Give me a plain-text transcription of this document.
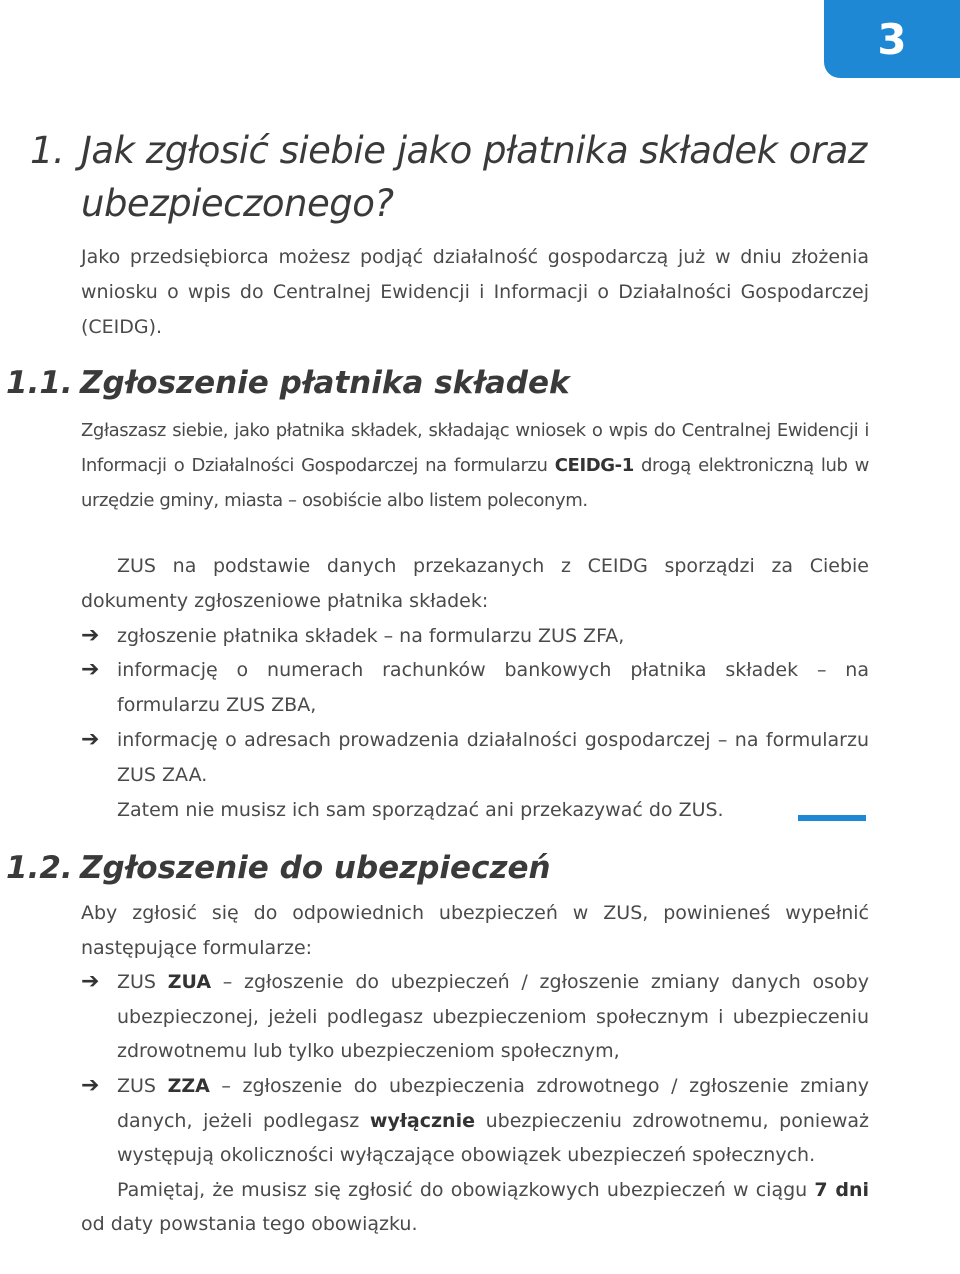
3
1. Jak zgłosić siebie jako płatnika składek oraz ubezpieczonego?
Jako przedsiębiorca możesz podjąć działalność gospodarczą już w dniu złożenia wniosku o wpis do Centralnej Ewidencji i Informacji o Działalności Gospodarczej (CEIDG).
1.1. Zgłoszenie płatnika składek
Zgłaszasz siebie, jako płatnika składek, składając wniosek o wpis do Centralnej Ewidencji i Informacji o Działalności Gospodarczej na formularzu CEIDG-1 drogą elektroniczną lub w urzędzie gminy, miasta – osobiście albo listem poleconym.
ZUS na podstawie danych przekazanych z CEIDG sporządzi za Ciebie dokumenty zgłoszeniowe płatnika składek:
➔ zgłoszenie płatnika składek – na formularzu ZUS ZFA,
➔ informację o numerach rachunków bankowych płatnika składek – na formularzu ZUS ZBA,
➔ informację o adresach prowadzenia działalności gospodarczej – na formularzu ZUS ZAA.
Zatem nie musisz ich sam sporządzać ani przekazywać do ZUS.
1.2. Zgłoszenie do ubezpieczeń
Aby zgłosić się do odpowiednich ubezpieczeń w ZUS, powinieneś wypełnić następujące formularze:
➔ ZUS ZUA – zgłoszenie do ubezpieczeń / zgłoszenie zmiany danych osoby ubezpieczonej, jeżeli podlegasz ubezpieczeniom społecznym i ubezpieczeniu zdrowotnemu lub tylko ubezpieczeniom społecznym,
➔ ZUS ZZA – zgłoszenie do ubezpieczenia zdrowotnego / zgłoszenie zmiany danych, jeżeli podlegasz wyłącznie ubezpieczeniu zdrowotnemu, ponieważ występują okoliczności wyłączające obowiązek ubezpieczeń społecznych.
Pamiętaj, że musisz się zgłosić do obowiązkowych ubezpieczeń w ciągu 7 dni od daty powstania tego obowiązku.
